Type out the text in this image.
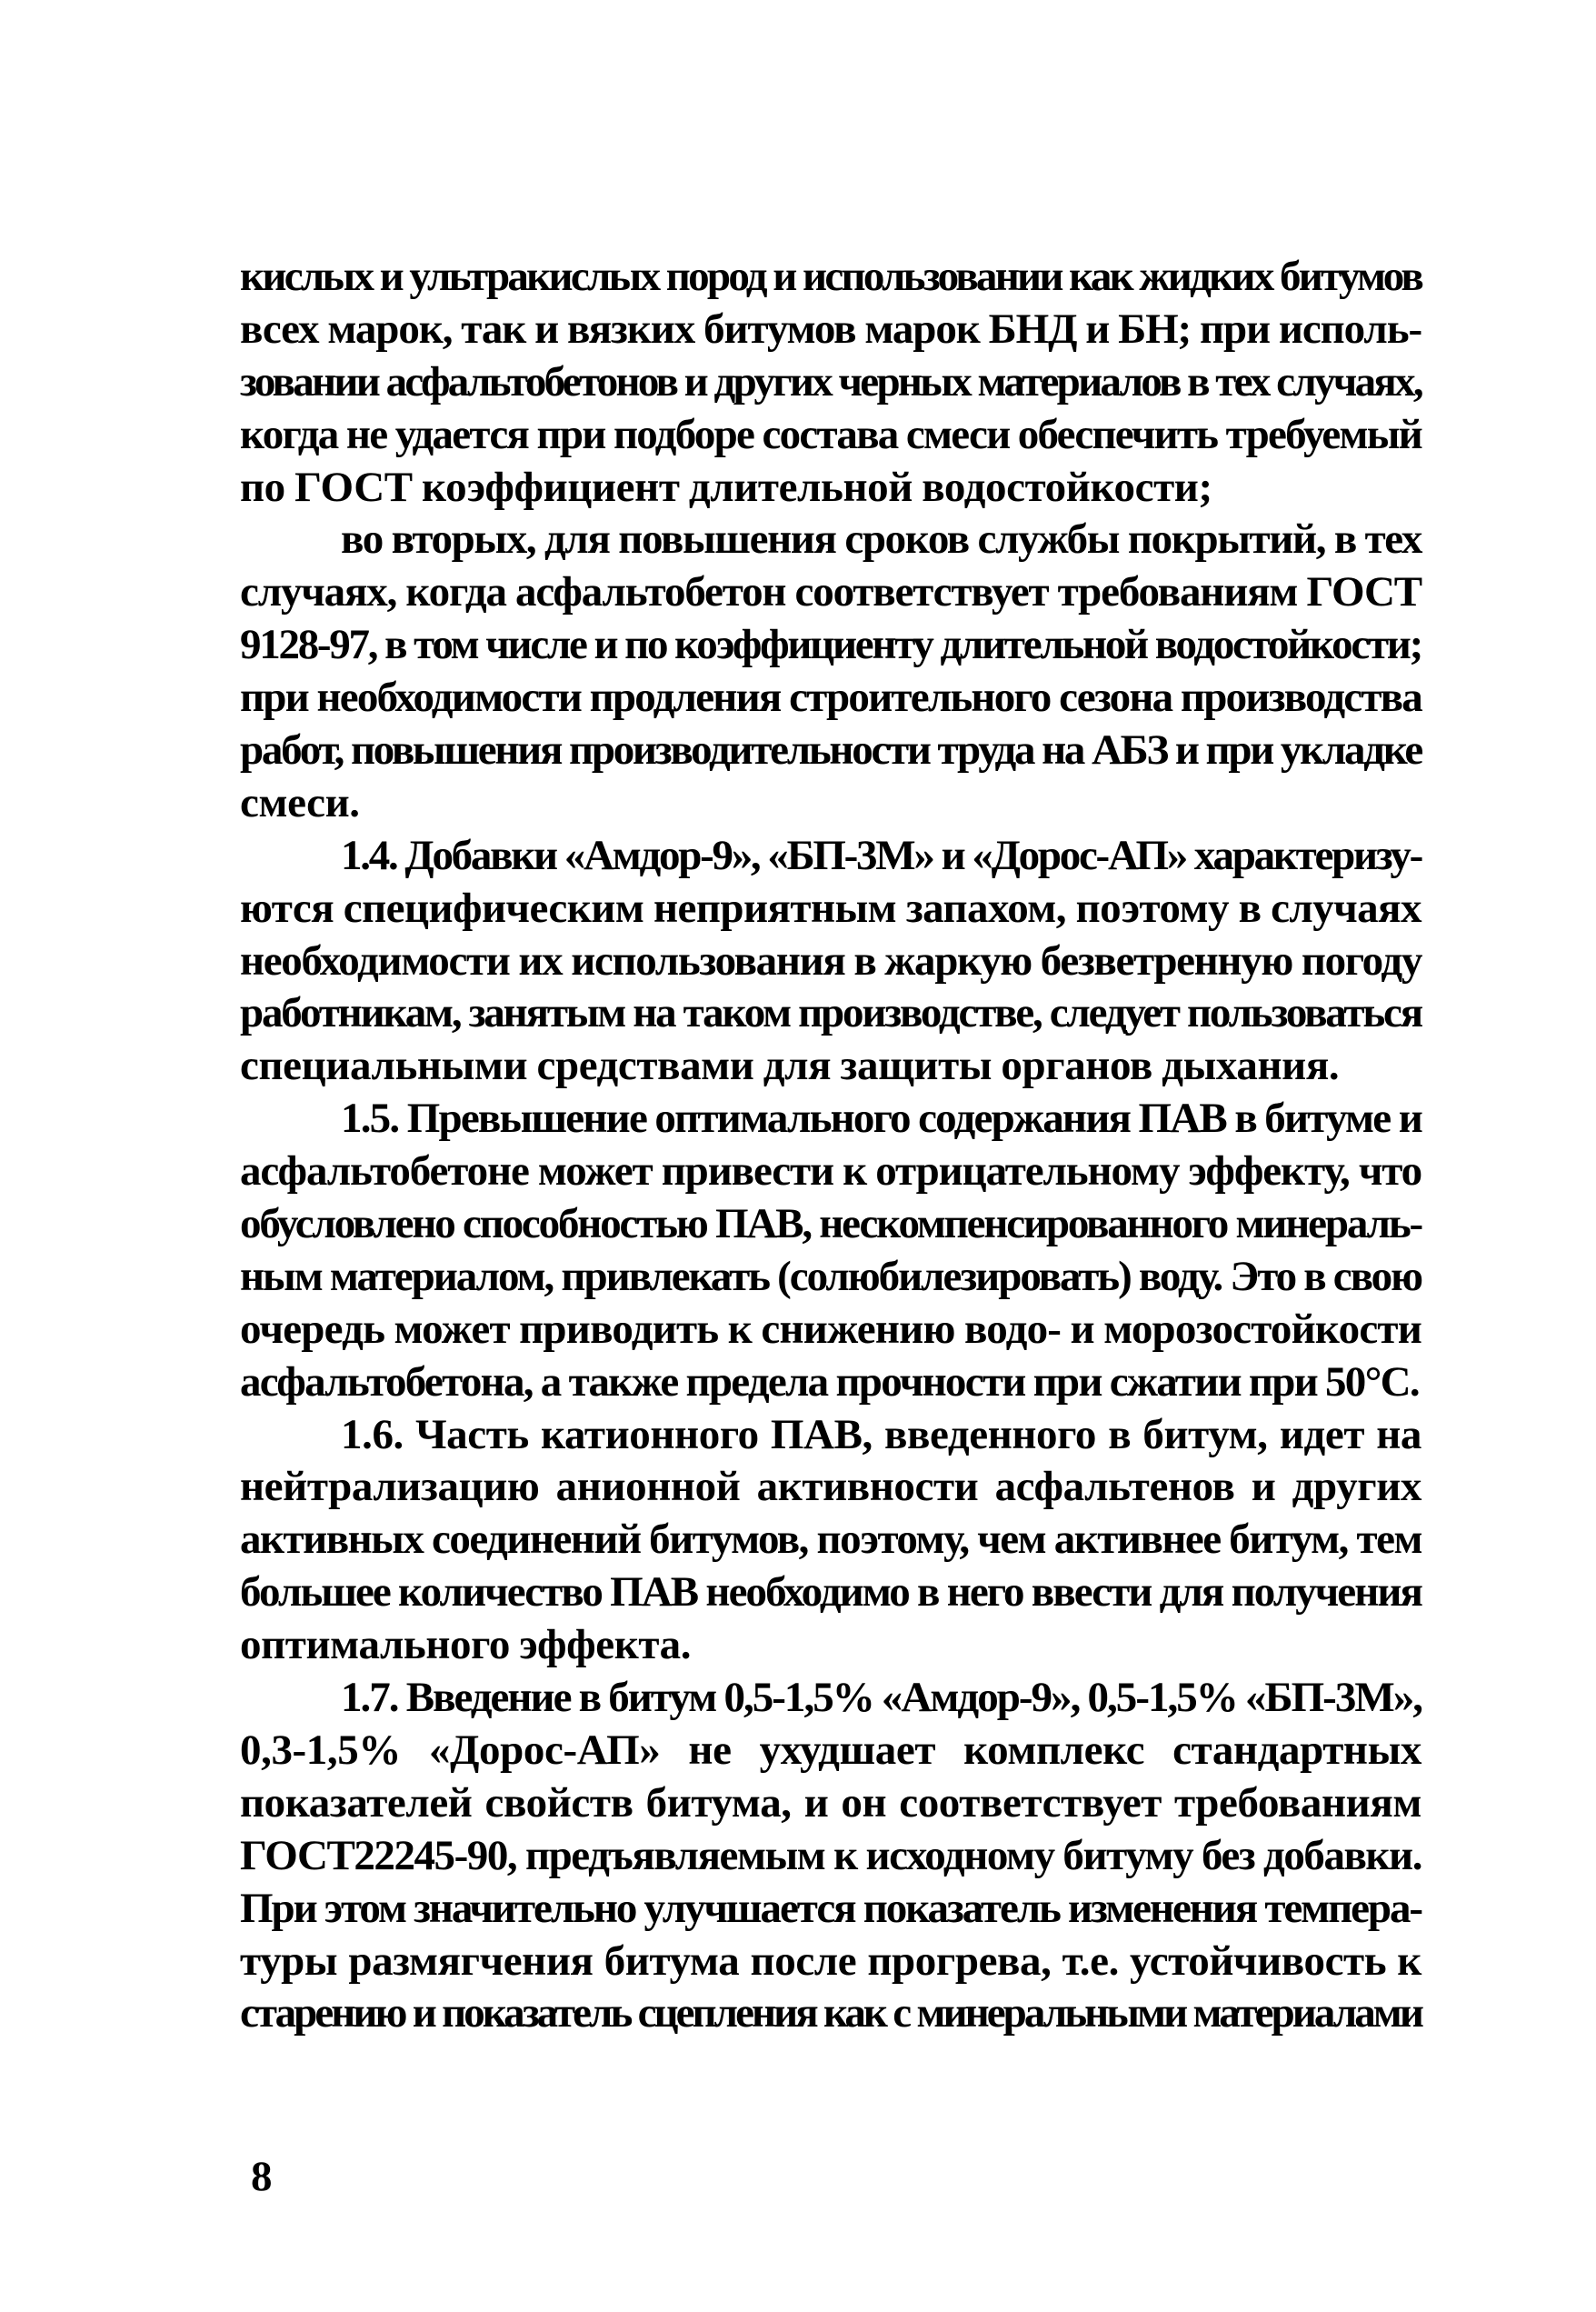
кислых и ультракислых пород и использовании как жидких битумов
всех марок, так и вязких битумов марок БНД и БН; при исполь-
зовании асфальтобетонов и других черных материалов в тех случаях,
когда не удается при подборе состава смеси обеспечить требуемый
по ГОСТ коэффициент длительной водостойкости;
во вторых, для повышения сроков службы покрытий, в тех
случаях, когда асфальтобетон соответствует требованиям ГОСТ
9128-97, в том числе и по коэффициенту длительной водостойкости;
при необходимости продления строительного сезона производства
работ, повышения производительности труда на АБЗ и при укладке
смеси.
1.4. Добавки «Амдор-9», «БП-3М» и «Дорос-АП» характеризу-
ются специфическим неприятным запахом, поэтому в случаях
необходимости их использования в жаркую безветренную погоду
работникам, занятым на таком производстве, следует пользоваться
специальными средствами для защиты органов дыхания.
1.5. Превышение оптимального содержания ПАВ в битуме и
асфальтобетоне может привести к отрицательному эффекту, что
обусловлено способностью ПАВ, нескомпенсированного минераль-
ным материалом, привлекать (солюбилезировать) воду. Это в свою
очередь может приводить к снижению водо- и морозостойкости
асфальтобетона, а также предела прочности при сжатии при 50°С.
1.6. Часть катионного ПАВ, введенного в битум, идет на
нейтрализацию анионной активности асфальтенов и других
активных соединений битумов, поэтому, чем активнее битум, тем
большее количество ПАВ необходимо в него ввести для получения
оптимального эффекта.
1.7. Введение в битум 0,5-1,5% «Амдор-9», 0,5-1,5% «БП-3М»,
0,3-1,5% «Дорос-АП» не ухудшает комплекс стандартных
показателей свойств битума, и он соответствует требованиям
ГОСТ22245-90, предъявляемым к исходному битуму без добавки.
При этом значительно улучшается показатель изменения темпера-
туры размягчения битума после прогрева, т.е. устойчивость к
старению и показатель сцепления как с минеральными материалами
8
